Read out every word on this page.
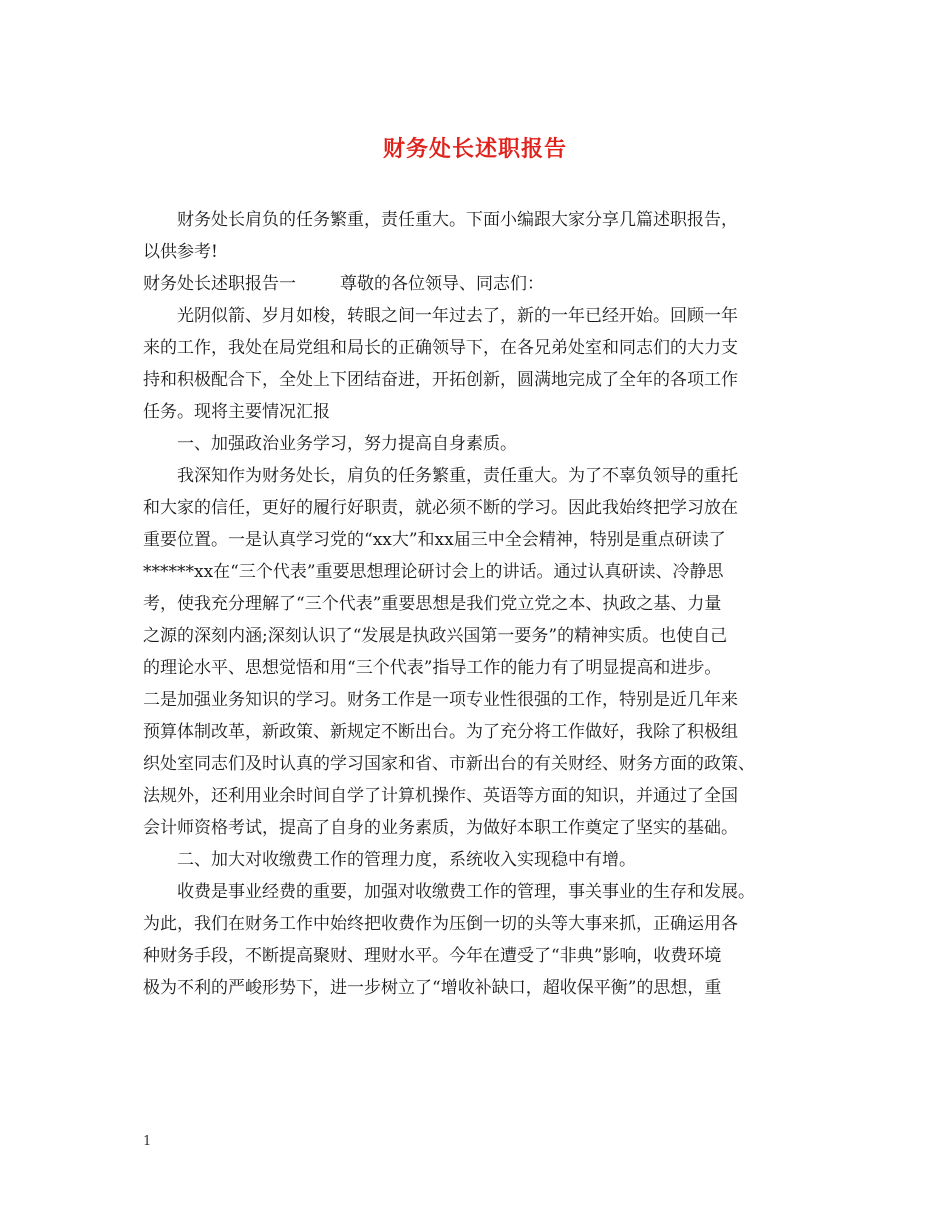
财务处长述职报告

财务处长肩负的任务繁重，责任重大。下面小编跟大家分享几篇述职报告，
以供参考!

财务处长述职报告一	尊敬的各位领导、同志们：

光阴似箭、岁月如梭，转眼之间一年过去了，新的一年已经开始。回顾一年
来的工作，我处在局党组和局长的正确领导下，在各兄弟处室和同志们的大力支
持和积极配合下，全处上下团结奋进，开拓创新，圆满地完成了全年的各项工作
任务。现将主要情况汇报

一、加强政治业务学习，努力提高自身素质。

我深知作为财务处长，肩负的任务繁重，责任重大。为了不辜负领导的重托
和大家的信任，更好的履行好职责，就必须不断的学习。因此我始终把学习放在
重要位置。一是认真学习党的“xx大”和xx届三中全会精神，特别是重点研读了
******xx在“三个代表”重要思想理论研讨会上的讲话。通过认真研读、冷静思
考，使我充分理解了“三个代表”重要思想是我们党立党之本、执政之基、力量
之源的深刻内涵;深刻认识了“发展是执政兴国第一要务”的精神实质。也使自己
的理论水平、思想觉悟和用“三个代表”指导工作的能力有了明显提高和进步。
二是加强业务知识的学习。财务工作是一项专业性很强的工作，特别是近几年来
预算体制改革，新政策、新规定不断出台。为了充分将工作做好，我除了积极组
织处室同志们及时认真的学习国家和省、市新出台的有关财经、财务方面的政策、
法规外，还利用业余时间自学了计算机操作、英语等方面的知识，并通过了全国
会计师资格考试，提高了自身的业务素质，为做好本职工作奠定了坚实的基础。

二、加大对收缴费工作的管理力度，系统收入实现稳中有增。

收费是事业经费的重要，加强对收缴费工作的管理，事关事业的生存和发展。
为此，我们在财务工作中始终把收费作为压倒一切的头等大事来抓，正确运用各
种财务手段，不断提高聚财、理财水平。今年在遭受了“非典”影响，收费环境
极为不利的严峻形势下，进一步树立了“增收补缺口，超收保平衡”的思想，重

1
